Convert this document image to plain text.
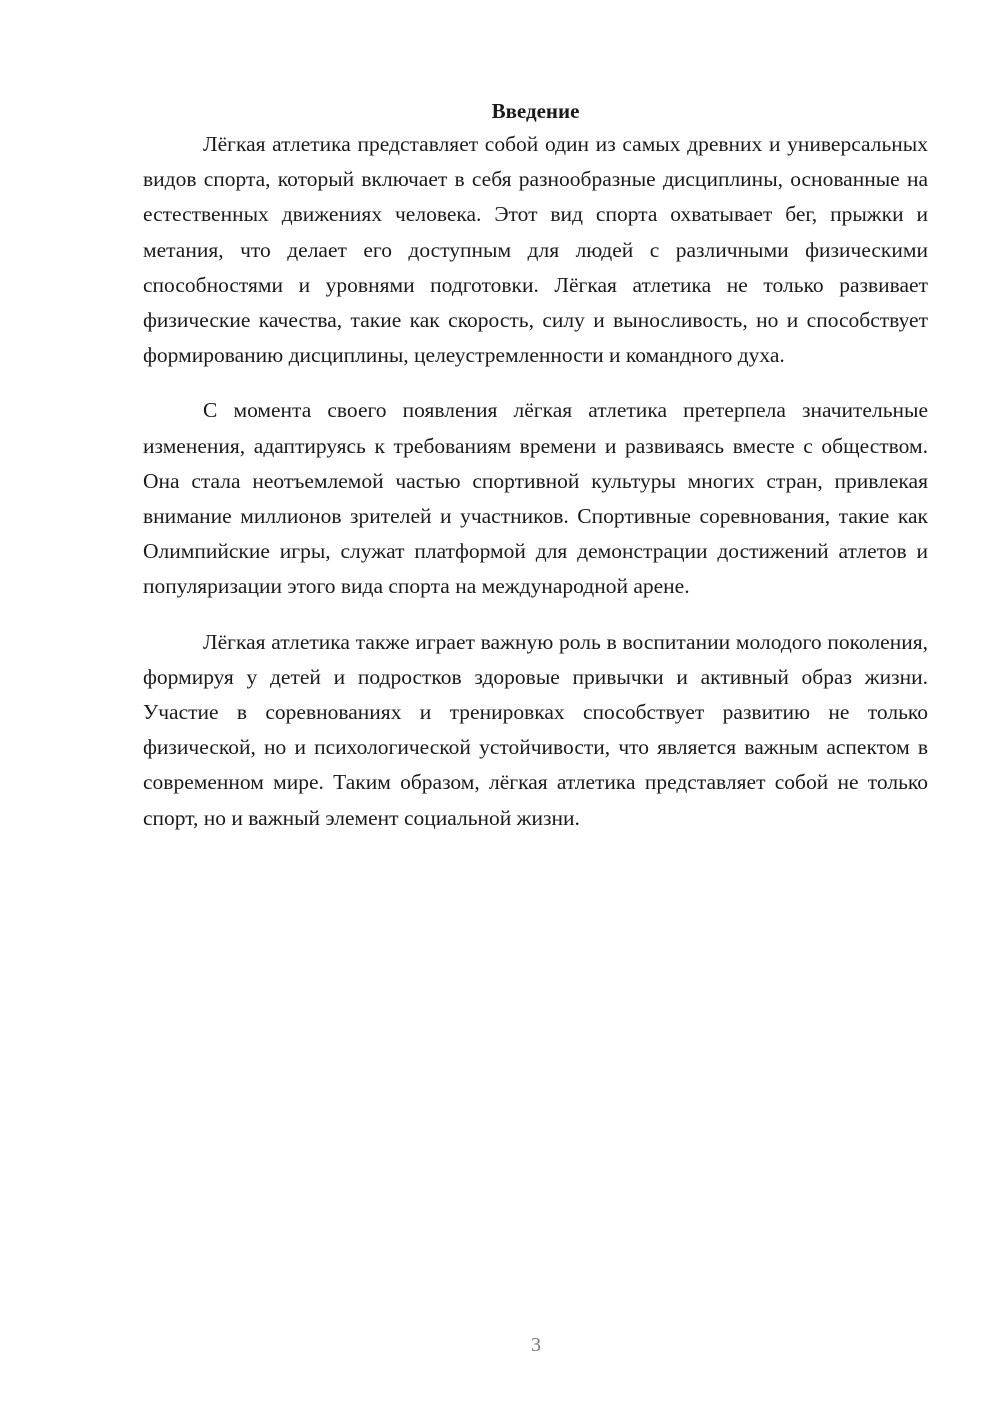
Введение

Лёгкая атлетика представляет собой один из самых древних и универсальных видов спорта, который включает в себя разнообразные дисциплины, основанные на естественных движениях человека. Этот вид спорта охватывает бег, прыжки и метания, что делает его доступным для людей с различными физическими способностями и уровнями подготовки. Лёгкая атлетика не только развивает физические качества, такие как скорость, силу и выносливость, но и способствует формированию дисциплины, целеустремленности и командного духа.

С момента своего появления лёгкая атлетика претерпела значительные изменения, адаптируясь к требованиям времени и развиваясь вместе с обществом. Она стала неотъемлемой частью спортивной культуры многих стран, привлекая внимание миллионов зрителей и участников. Спортивные соревнования, такие как Олимпийские игры, служат платформой для демонстрации достижений атлетов и популяризации этого вида спорта на международной арене.

Лёгкая атлетика также играет важную роль в воспитании молодого поколения, формируя у детей и подростков здоровые привычки и активный образ жизни. Участие в соревнованиях и тренировках способствует развитию не только физической, но и психологической устойчивости, что является важным аспектом в современном мире. Таким образом, лёгкая атлетика представляет собой не только спорт, но и важный элемент социальной жизни.

3
